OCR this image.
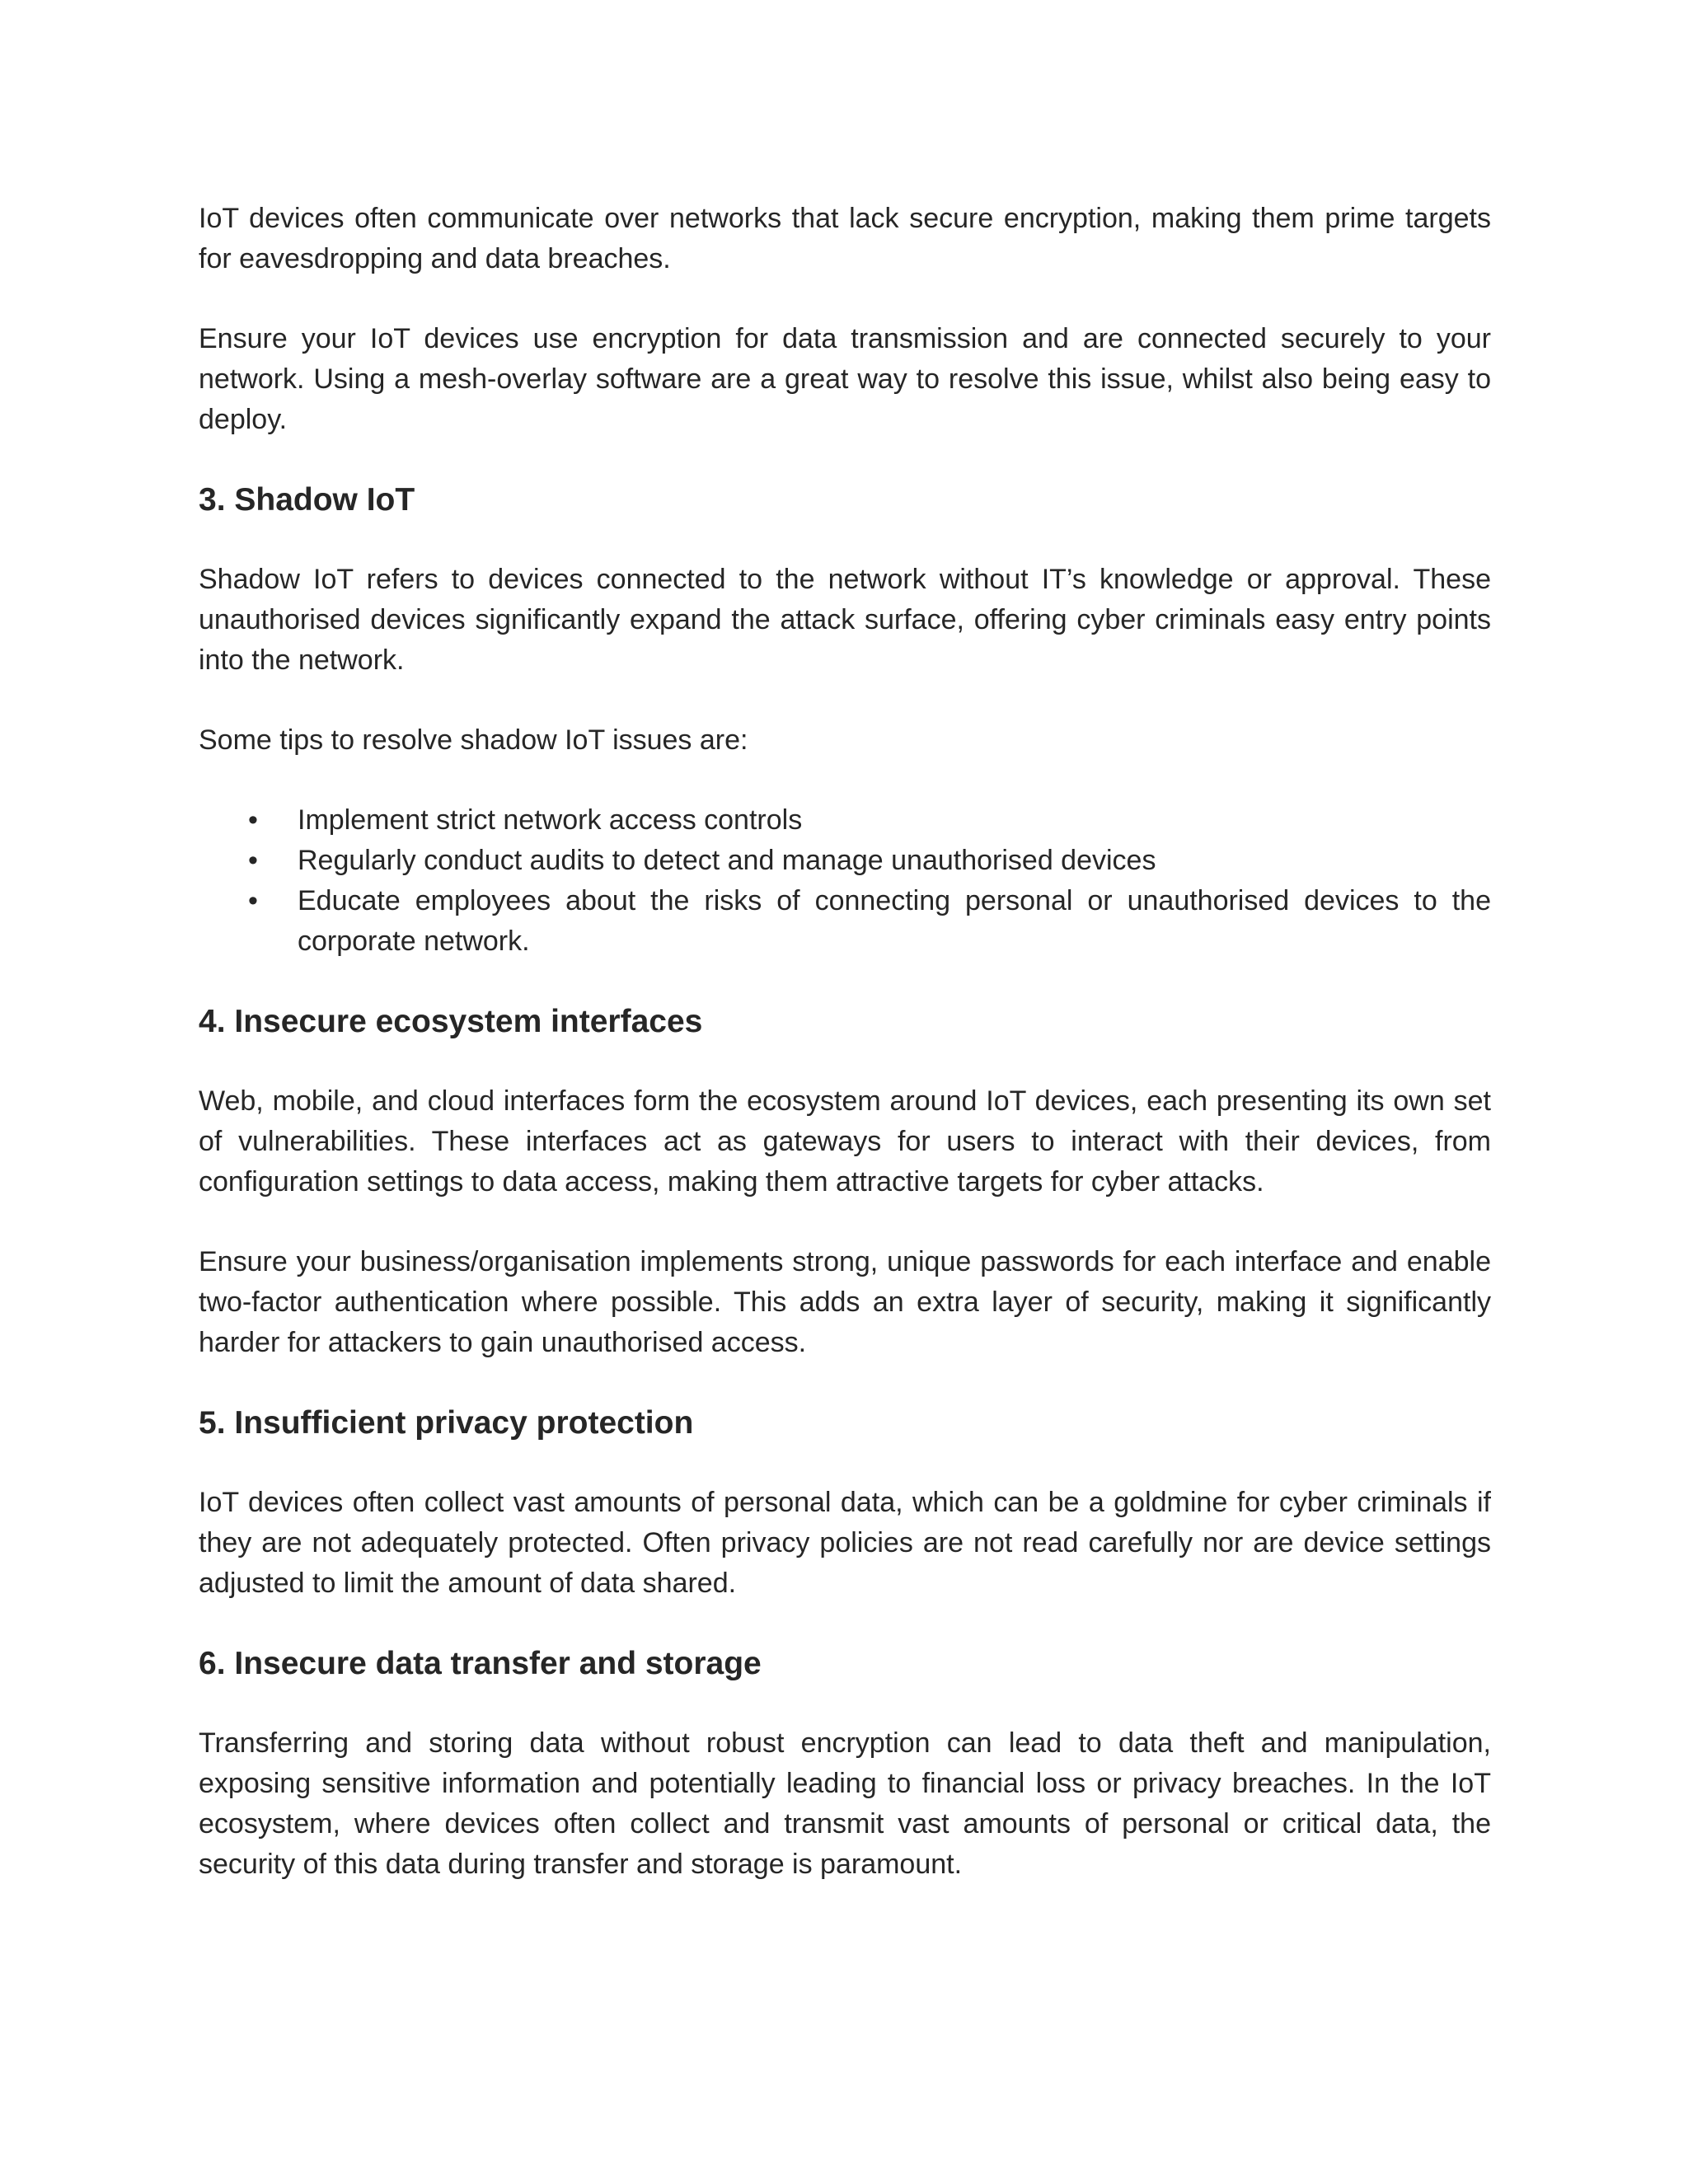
IoT devices often communicate over networks that lack secure encryption, making them prime targets for eavesdropping and data breaches.

Ensure your IoT devices use encryption for data transmission and are connected securely to your network. Using a mesh-overlay software are a great way to resolve this issue, whilst also being easy to deploy.

3. Shadow IoT

Shadow IoT refers to devices connected to the network without IT’s knowledge or approval. These unauthorised devices significantly expand the attack surface, offering cyber criminals easy entry points into the network.

Some tips to resolve shadow IoT issues are:

• Implement strict network access controls
• Regularly conduct audits to detect and manage unauthorised devices
• Educate employees about the risks of connecting personal or unauthorised devices to the corporate network.
4. Insecure ecosystem interfaces

Web, mobile, and cloud interfaces form the ecosystem around IoT devices, each presenting its own set of vulnerabilities. These interfaces act as gateways for users to interact with their devices, from configuration settings to data access, making them attractive targets for cyber attacks.

Ensure your business/organisation implements strong, unique passwords for each interface and enable two-factor authentication where possible. This adds an extra layer of security, making it significantly harder for attackers to gain unauthorised access.

5. Insufficient privacy protection

IoT devices often collect vast amounts of personal data, which can be a goldmine for cyber criminals if they are not adequately protected. Often privacy policies are not read carefully nor are device settings adjusted to limit the amount of data shared.

6. Insecure data transfer and storage

Transferring and storing data without robust encryption can lead to data theft and manipulation, exposing sensitive information and potentially leading to financial loss or privacy breaches. In the IoT ecosystem, where devices often collect and transmit vast amounts of personal or critical data, the security of this data during transfer and storage is paramount.
